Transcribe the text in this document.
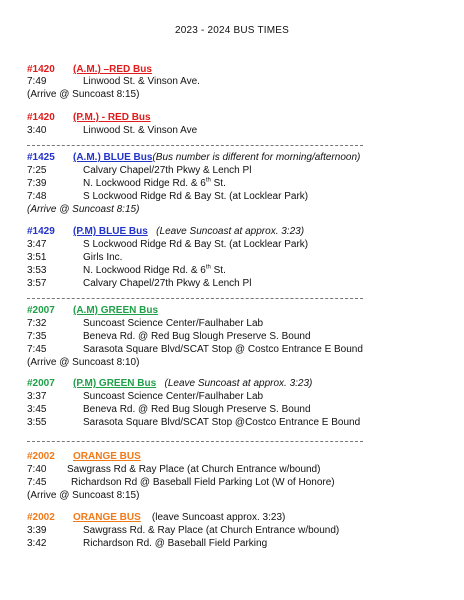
2023 - 2024 BUS TIMES
#1420 (A.M.) –RED Bus
7:49	Linwood St. & Vinson Ave.
(Arrive @ Suncoast 8:15)
#1420 (P.M.) - RED Bus
3:40	Linwood St. & Vinson Ave
#1425 (A.M.) BLUE Bus(Bus number is different for morning/afternoon)
7:25	Calvary Chapel/27th Pkwy & Lench Pl
7:39	N. Lockwood Ridge Rd. & 6th St.
7:48	S Lockwood Ridge Rd & Bay St. (at Locklear Park)
(Arrive @ Suncoast 8:15)
#1429 (P.M) BLUE Bus (Leave Suncoast at approx. 3:23)
3:47	S Lockwood Ridge Rd & Bay St. (at Locklear Park)
3:51	Girls Inc.
3:53	N. Lockwood Ridge Rd. & 6th St.
3:57	Calvary Chapel/27th Pkwy & Lench Pl
#2007 (A.M) GREEN Bus
7:32	Suncoast Science Center/Faulhaber Lab
7:35	Beneva Rd. @ Red Bug Slough Preserve S. Bound
7:45	Sarasota Square Blvd/SCAT Stop @ Costco Entrance E Bound
(Arrive @ Suncoast 8:10)
#2007 (P.M) GREEN Bus (Leave Suncoast at approx. 3:23)
3:37	Suncoast Science Center/Faulhaber Lab
3:45	Beneva Rd. @ Red Bug Slough Preserve S. Bound
3:55	Sarasota Square Blvd/SCAT Stop @Costco Entrance E Bound
#2002 ORANGE BUS
7:40 Sawgrass Rd & Ray Place (at Church Entrance w/bound)
7:45 Richardson Rd @ Baseball Field Parking Lot (W of Honore)
(Arrive @ Suncoast 8:15)
#2002 ORANGE BUS (leave Suncoast approx. 3:23)
3:39	Sawgrass Rd. & Ray Place (at Church Entrance w/bound)
3:42	Richardson Rd. @ Baseball Field Parking
